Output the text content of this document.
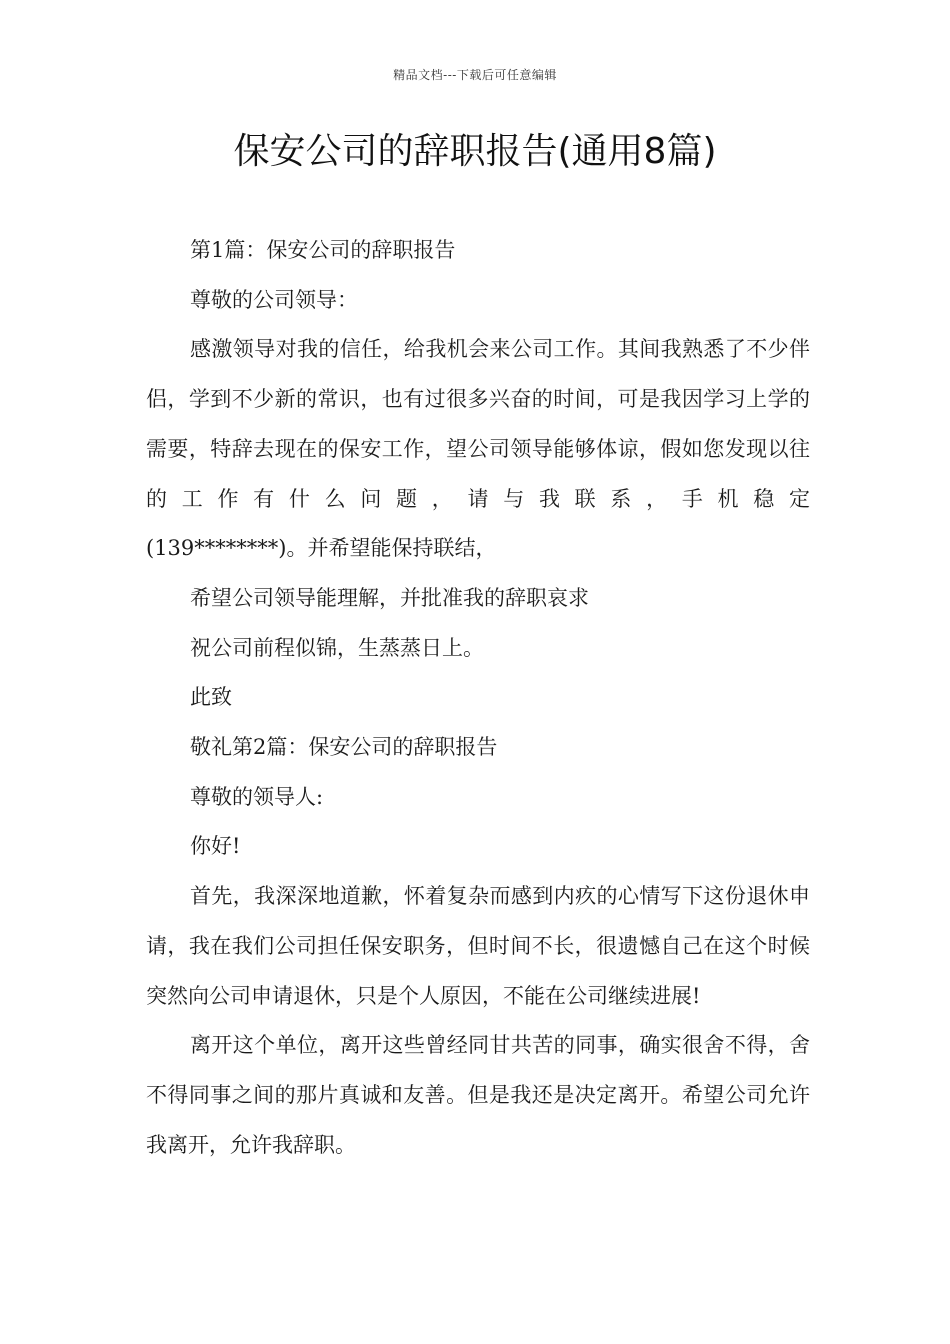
精品文档---下载后可任意编辑
保安公司的辞职报告(通用8篇)

第1篇：保安公司的辞职报告

尊敬的公司领导：

感激领导对我的信任，给我机会来公司工作。其间我熟悉了不少伴侣，学到不少新的常识，也有过很多兴奋的时间，可是我因学习上学的需要，特辞去现在的保安工作，望公司领导能够体谅，假如您发现以往的工作有什么问题，请与我联系，手机稳定

(139********)。并希望能保持联结，

希望公司领导能理解，并批准我的辞职哀求

祝公司前程似锦，生蒸蒸日上。

此致

敬礼第2篇：保安公司的辞职报告

尊敬的领导人:

你好!

首先，我深深地道歉，怀着复杂而感到内疚的心情写下这份退休申请，我在我们公司担任保安职务，但时间不长，很遗憾自己在这个时候突然向公司申请退休，只是个人原因，不能在公司继续进展!

离开这个单位，离开这些曾经同甘共苦的同事，确实很舍不得，舍不得同事之间的那片真诚和友善。但是我还是决定离开。希望公司允许我离开，允许我辞职。
